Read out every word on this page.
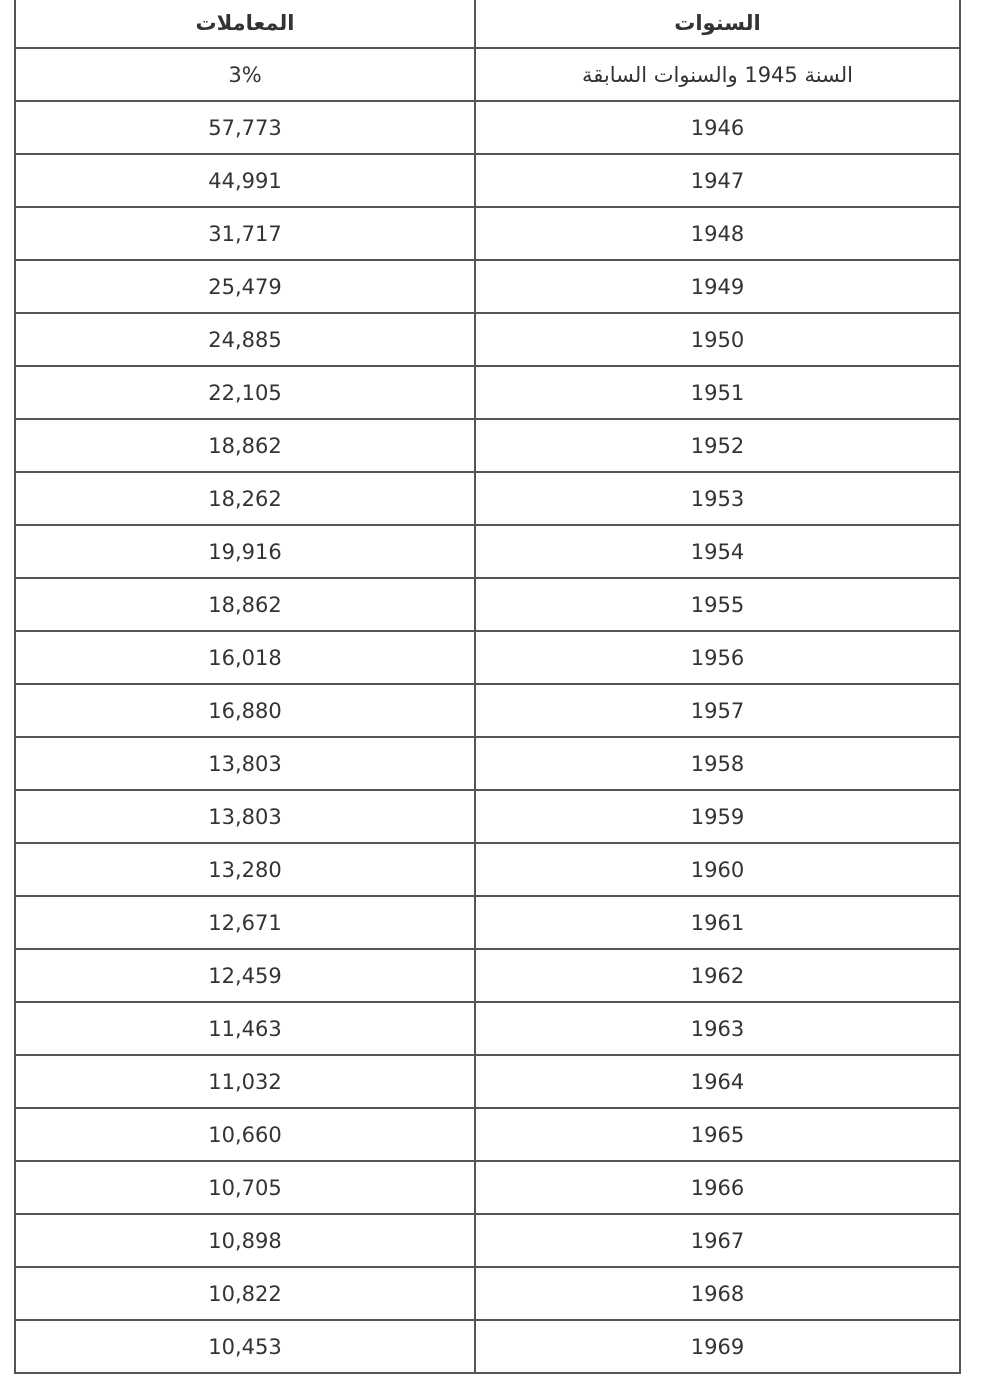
المعاملات	السنوات
3%	السنة 1945 والسنوات السابقة
57,773	1946
44,991	1947
31,717	1948
25,479	1949
24,885	1950
22,105	1951
18,862	1952
18,262	1953
19,916	1954
18,862	1955
16,018	1956
16,880	1957
13,803	1958
13,803	1959
13,280	1960
12,671	1961
12,459	1962
11,463	1963
11,032	1964
10,660	1965
10,705	1966
10,898	1967
10,822	1968
10,453	1969
